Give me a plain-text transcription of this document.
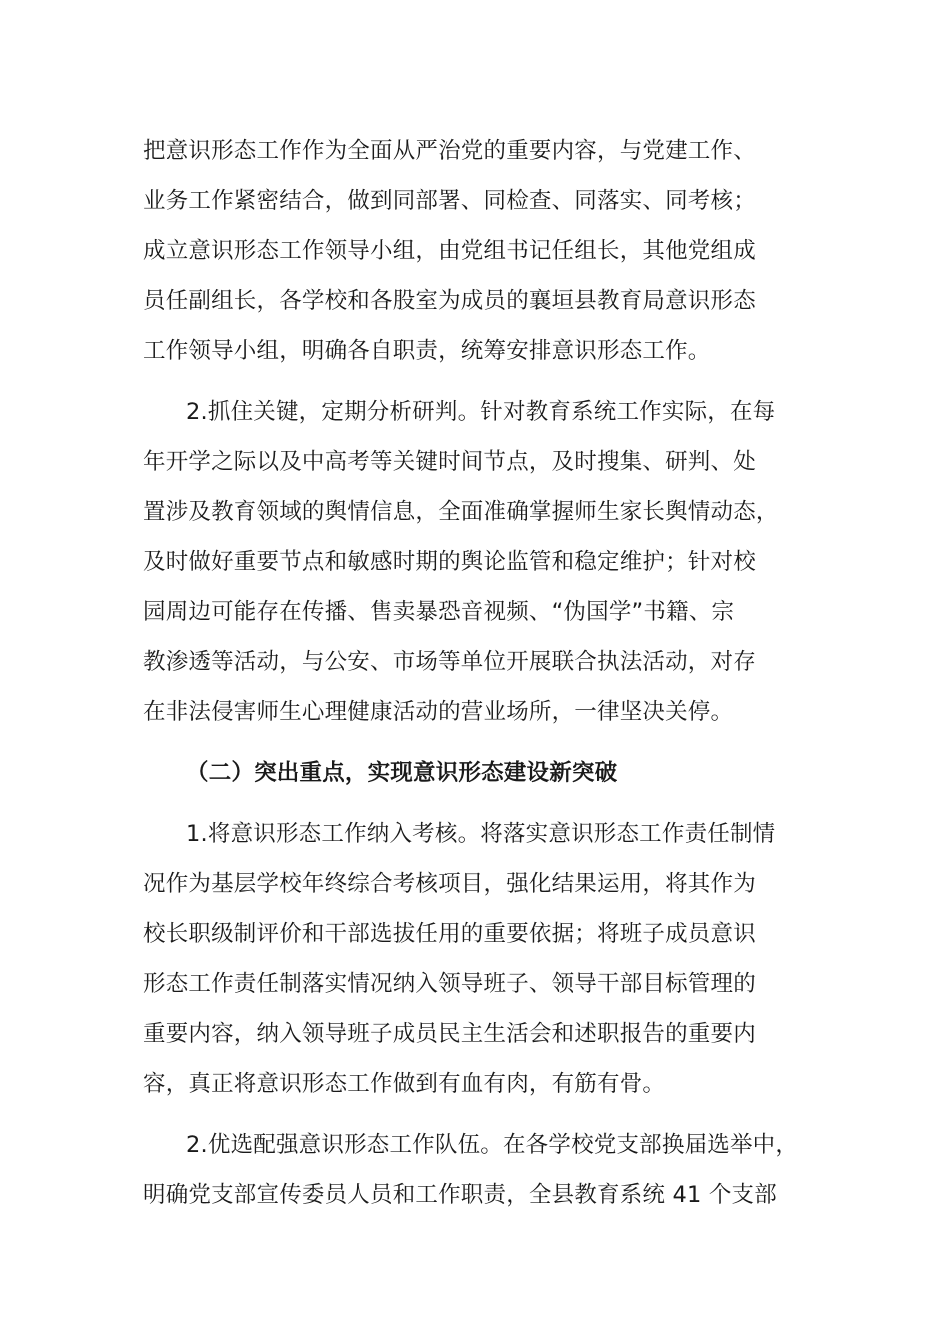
把意识形态工作作为全面从严治党的重要内容，与党建工作、
业务工作紧密结合，做到同部署、同检查、同落实、同考核；
成立意识形态工作领导小组，由党组书记任组长，其他党组成
员任副组长，各学校和各股室为成员的襄垣县教育局意识形态
工作领导小组，明确各自职责，统筹安排意识形态工作。
2.抓住关键，定期分析研判。针对教育系统工作实际，在每
年开学之际以及中高考等关键时间节点，及时搜集、研判、处
置涉及教育领域的舆情信息，全面准确掌握师生家长舆情动态，
及时做好重要节点和敏感时期的舆论监管和稳定维护；针对校
园周边可能存在传播、售卖暴恐音视频、“伪国学”书籍、宗
教渗透等活动，与公安、市场等单位开展联合执法活动，对存
在非法侵害师生心理健康活动的营业场所，一律坚决关停。
（二）突出重点，实现意识形态建设新突破
1.将意识形态工作纳入考核。将落实意识形态工作责任制情
况作为基层学校年终综合考核项目，强化结果运用，将其作为
校长职级制评价和干部选拔任用的重要依据；将班子成员意识
形态工作责任制落实情况纳入领导班子、领导干部目标管理的
重要内容，纳入领导班子成员民主生活会和述职报告的重要内
容，真正将意识形态工作做到有血有肉，有筋有骨。
2.优选配强意识形态工作队伍。在各学校党支部换届选举中，
明确党支部宣传委员人员和工作职责，全县教育系统 41 个支部
